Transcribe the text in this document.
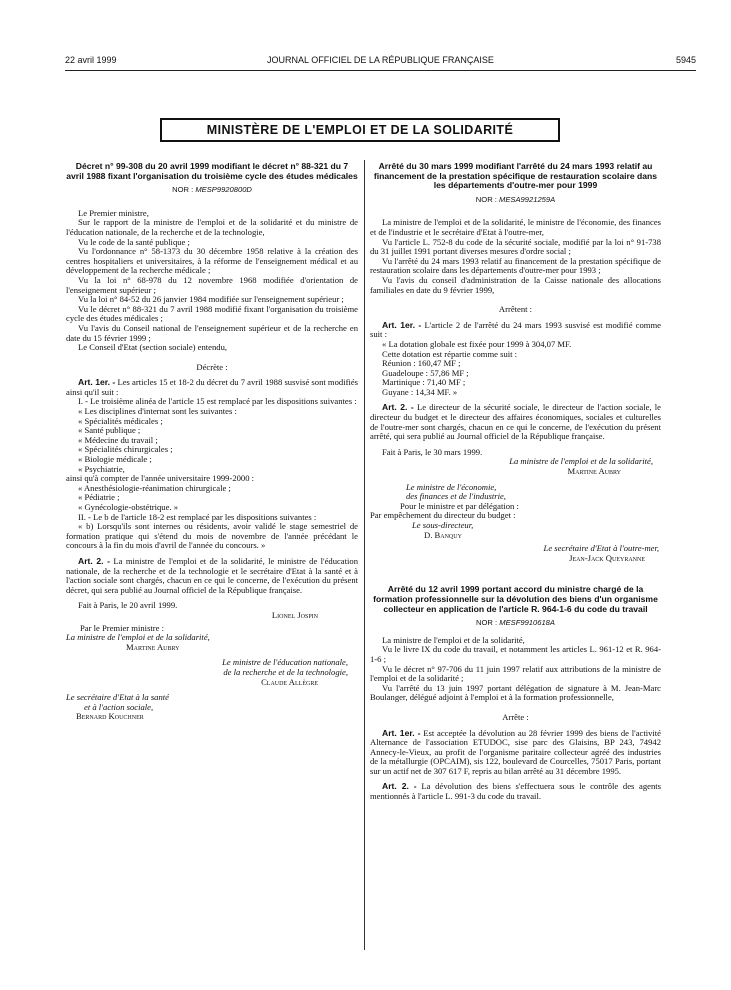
22 avril 1999	JOURNAL OFFICIEL DE LA RÉPUBLIQUE FRANÇAISE	5945
MINISTÈRE DE L'EMPLOI ET DE LA SOLIDARITÉ
Décret n° 99-308 du 20 avril 1999 modifiant le décret n° 88-321 du 7 avril 1988 fixant l'organisation du troisième cycle des études médicales
NOR : MESP9920800D

Le Premier ministre,

Sur le rapport de la ministre de l'emploi et de la solidarité et du ministre de l'éducation nationale, de la recherche et de la technologie,

Vu le code de la santé publique ;

Vu l'ordonnance n° 58-1373 du 30 décembre 1958 relative à la création des centres hospitaliers et universitaires, à la réforme de l'enseignement médical et au développement de la recherche médicale ;

Vu la loi n° 68-978 du 12 novembre 1968 modifiée d'orientation de l'enseignement supérieur ;

Vu la loi n° 84-52 du 26 janvier 1984 modifiée sur l'enseignement supérieur ;

Vu le décret n° 88-321 du 7 avril 1988 modifié fixant l'organisation du troisième cycle des études médicales ;

Vu l'avis du Conseil national de l'enseignement supérieur et de la recherche en date du 15 février 1999 ;

Le Conseil d'Etat (section sociale) entendu,

Décrète :

Art. 1er. - Les articles 15 et 18-2 du décret du 7 avril 1988 susvisé sont modifiés ainsi qu'il suit :

I. - Le troisième alinéa de l'article 15 est remplacé par les dispositions suivantes :

« Les disciplines d'internat sont les suivantes :

« Spécialités médicales ;

« Santé publique ;

« Médecine du travail ;

« Spécialités chirurgicales ;

« Biologie médicale ;

« Psychiatrie,

ainsi qu'à compter de l'année universitaire 1999-2000 :

« Anesthésiologie-réanimation chirurgicale ;

« Pédiatrie ;

« Gynécologie-obstétrique. »

II. - Le b de l'article 18-2 est remplacé par les dispositions suivantes :

« b) Lorsqu'ils sont internes ou résidents, avoir validé le stage semestriel de formation pratique qui s'étend du mois de novembre de l'année précédant le concours à la fin du mois d'avril de l'année du concours. »

Art. 2. - La ministre de l'emploi et de la solidarité, le ministre de l'éducation nationale, de la recherche et de la technologie et le secrétaire d'Etat à la santé et à l'action sociale sont chargés, chacun en ce qui le concerne, de l'exécution du présent décret, qui sera publié au Journal officiel de la République française.

Fait à Paris, le 20 avril 1999.

Lionel Jospin

Par le Premier ministre :

La ministre de l'emploi et de la solidarité,

Martine Aubry

Le ministre de l'éducation nationale,

de la recherche et de la technologie,

Claude Allègre

Le secrétaire d'Etat à la santé

et à l'action sociale,

Bernard Kouchner

Arrêté du 30 mars 1999 modifiant l'arrêté du 24 mars 1993 relatif au financement de la prestation spécifique de restauration scolaire dans les départements d'outre-mer pour 1999
NOR : MESA9921259A

La ministre de l'emploi et de la solidarité, le ministre de l'économie, des finances et de l'industrie et le secrétaire d'Etat à l'outre-mer,

Vu l'article L. 752-8 du code de la sécurité sociale, modifié par la loi n° 91-738 du 31 juillet 1991 portant diverses mesures d'ordre social ;

Vu l'arrêté du 24 mars 1993 relatif au financement de la prestation spécifique de restauration scolaire dans les départements d'outre-mer pour 1993 ;

Vu l'avis du conseil d'administration de la Caisse nationale des allocations familiales en date du 9 février 1999,

Arrêtent :

Art. 1er. - L'article 2 de l'arrêté du 24 mars 1993 susvisé est modifié comme suit :

« La dotation globale est fixée pour 1999 à 304,07 MF.

Cette dotation est répartie comme suit :

Réunion : 160,47 MF ;

Guadeloupe : 57,86 MF ;

Martinique : 71,40 MF ;

Guyane : 14,34 MF. »

Art. 2. - Le directeur de la sécurité sociale, le directeur de l'action sociale, le directeur du budget et le directeur des affaires économiques, sociales et culturelles de l'outre-mer sont chargés, chacun en ce qui le concerne, de l'exécution du présent arrêté, qui sera publié au Journal officiel de la République française.

Fait à Paris, le 30 mars 1999.

La ministre de l'emploi et de la solidarité,

Martine Aubry

Le ministre de l'économie,

des finances et de l'industrie,

Pour le ministre et par délégation :

Par empêchement du directeur du budget :

Le sous-directeur,

D. Banquy

Le secrétaire d'Etat à l'outre-mer,

Jean-Jack Queyranne

Arrêté du 12 avril 1999 portant accord du ministre chargé de la formation professionnelle sur la dévolution des biens d'un organisme collecteur en application de l'article R. 964-1-6 du code du travail
NOR : MESF9910618A

La ministre de l'emploi et de la solidarité,

Vu le livre IX du code du travail, et notamment les articles L. 961-12 et R. 964-1-6 ;

Vu le décret n° 97-706 du 11 juin 1997 relatif aux attributions de la ministre de l'emploi et de la solidarité ;

Vu l'arrêté du 13 juin 1997 portant délégation de signature à M. Jean-Marc Boulanger, délégué adjoint à l'emploi et à la formation professionnelle,

Arrête :

Art. 1er. - Est acceptée la dévolution au 28 février 1999 des biens de l'activité Alternance de l'association ETUDOC, sise parc des Glaisins, BP 243, 74942 Annecy-le-Vieux, au profit de l'organisme paritaire collecteur agréé des industries de la métallurgie (OPCAIM), sis 122, boulevard de Courcelles, 75017 Paris, portant sur un actif net de 307 617 F, repris au bilan arrêté au 31 décembre 1995.

Art. 2. - La dévolution des biens s'effectuera sous le contrôle des agents mentionnés à l'article L. 991-3 du code du travail.
